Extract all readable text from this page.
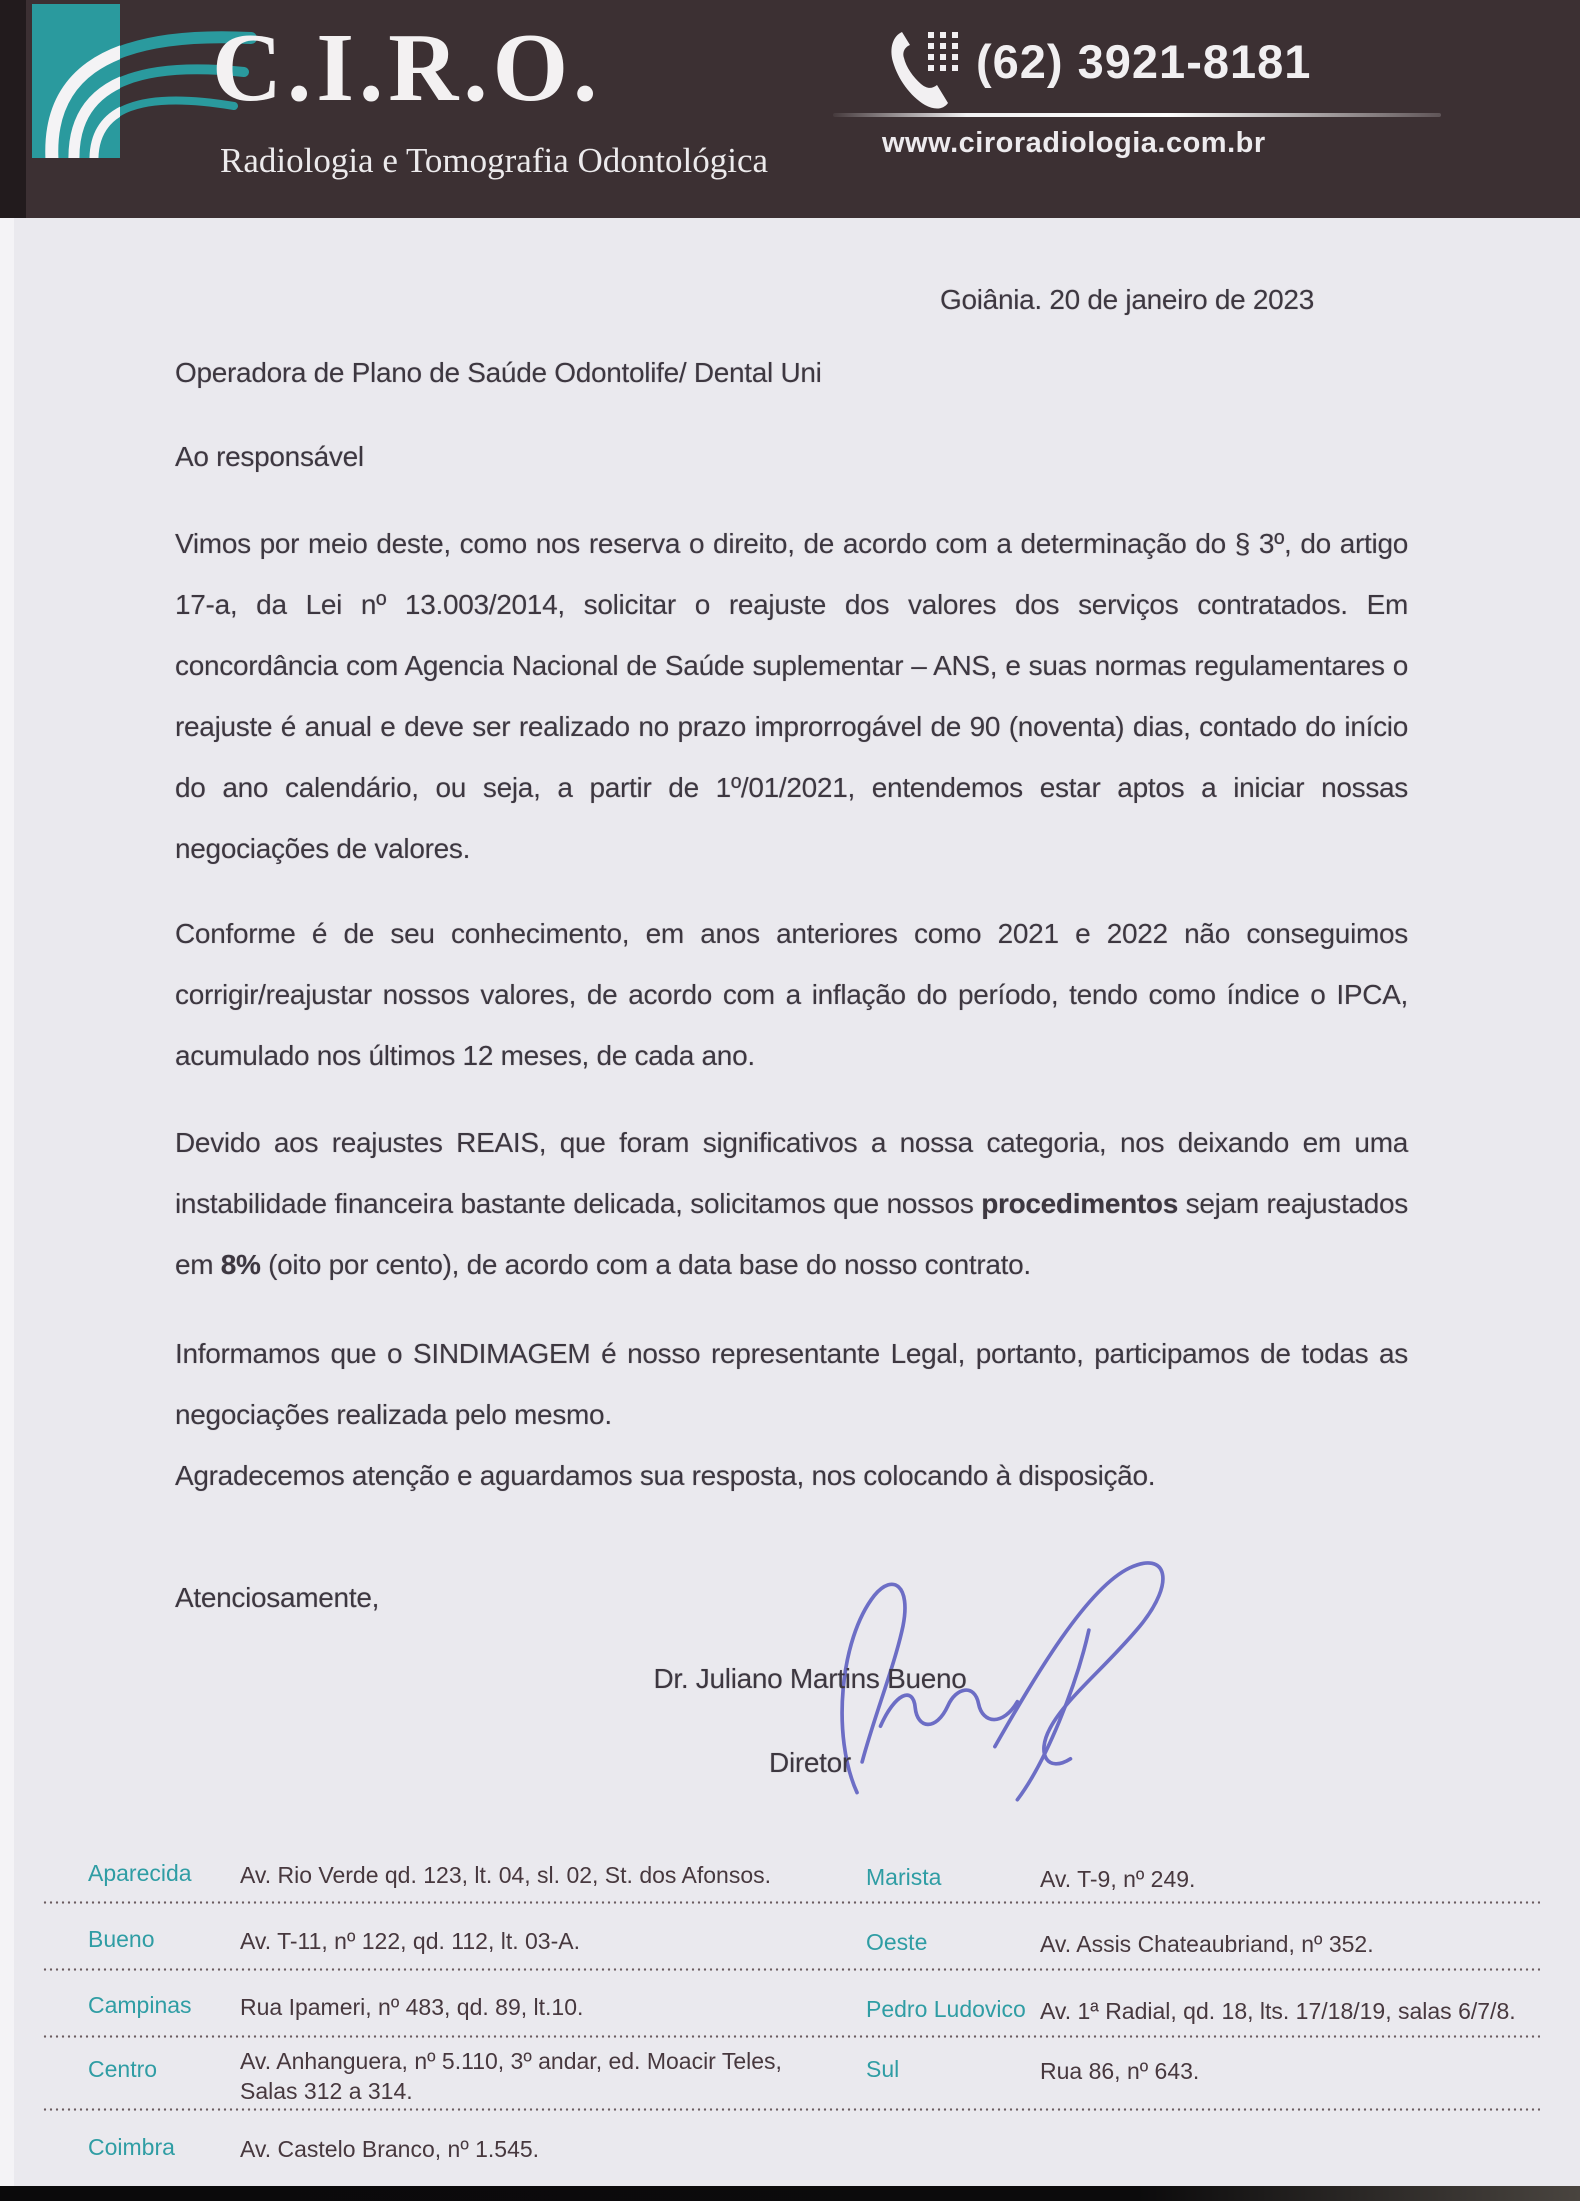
C.I.R.O.
Radiologia e Tomografia Odontológica
(62) 3921-8181
www.ciroradiologia.com.br
Goiânia. 20 de janeiro de 2023
Operadora de Plano de Saúde Odontolife/ Dental Uni
Ao responsável

Vimos por meio deste, como nos reserva o direito, de acordo com a determinação do § 3º, do artigo 17-a, da Lei nº 13.003/2014, solicitar o reajuste dos valores dos serviços contratados. Em concordância com Agencia Nacional de Saúde suplementar – ANS, e suas normas regulamentares o reajuste é anual e deve ser realizado no prazo improrrogável de 90 (noventa) dias, contado do início do ano calendário, ou seja, a partir de 1º/01/2021, entendemos estar aptos a iniciar nossas negociações de valores.

Conforme é de seu conhecimento, em anos anteriores como 2021 e 2022 não conseguimos corrigir/reajustar nossos valores, de acordo com a inflação do período, tendo como índice o IPCA, acumulado nos últimos 12 meses, de cada ano.

Devido aos reajustes REAIS, que foram significativos a nossa categoria, nos deixando em uma instabilidade financeira bastante delicada, solicitamos que nossos procedimentos sejam reajustados em 8% (oito por cento), de acordo com a data base do nosso contrato.

Informamos que o SINDIMAGEM é nosso representante Legal, portanto, participamos de todas as negociações realizada pelo mesmo.

Agradecemos atenção e aguardamos sua resposta, nos colocando à disposição.

Atenciosamente,
Dr. Juliano Martins Bueno
Diretor
Aparecida Av. Rio Verde qd. 123, lt. 04, sl. 02, St. dos Afonsos.	Marista	Av. T-9, nº 249.
Bueno	Av. T-11, nº 122, qd. 112, lt. 03-A.	Oeste	Av. Assis Chateaubriand, nº 352.
Campinas Rua Ipameri, nº 483, qd. 89, lt.10.	Pedro Ludovico Av. 1ª Radial, qd. 18, lts. 17/18/19, salas 6/7/8.
Centro	Av. Anhanguera, nº 5.110, 3º andar, ed. Moacir Teles,
Salas 312 a 314.
Sul	Rua 86, nº 643.
Coimbra	Av. Castelo Branco, nº 1.545.
